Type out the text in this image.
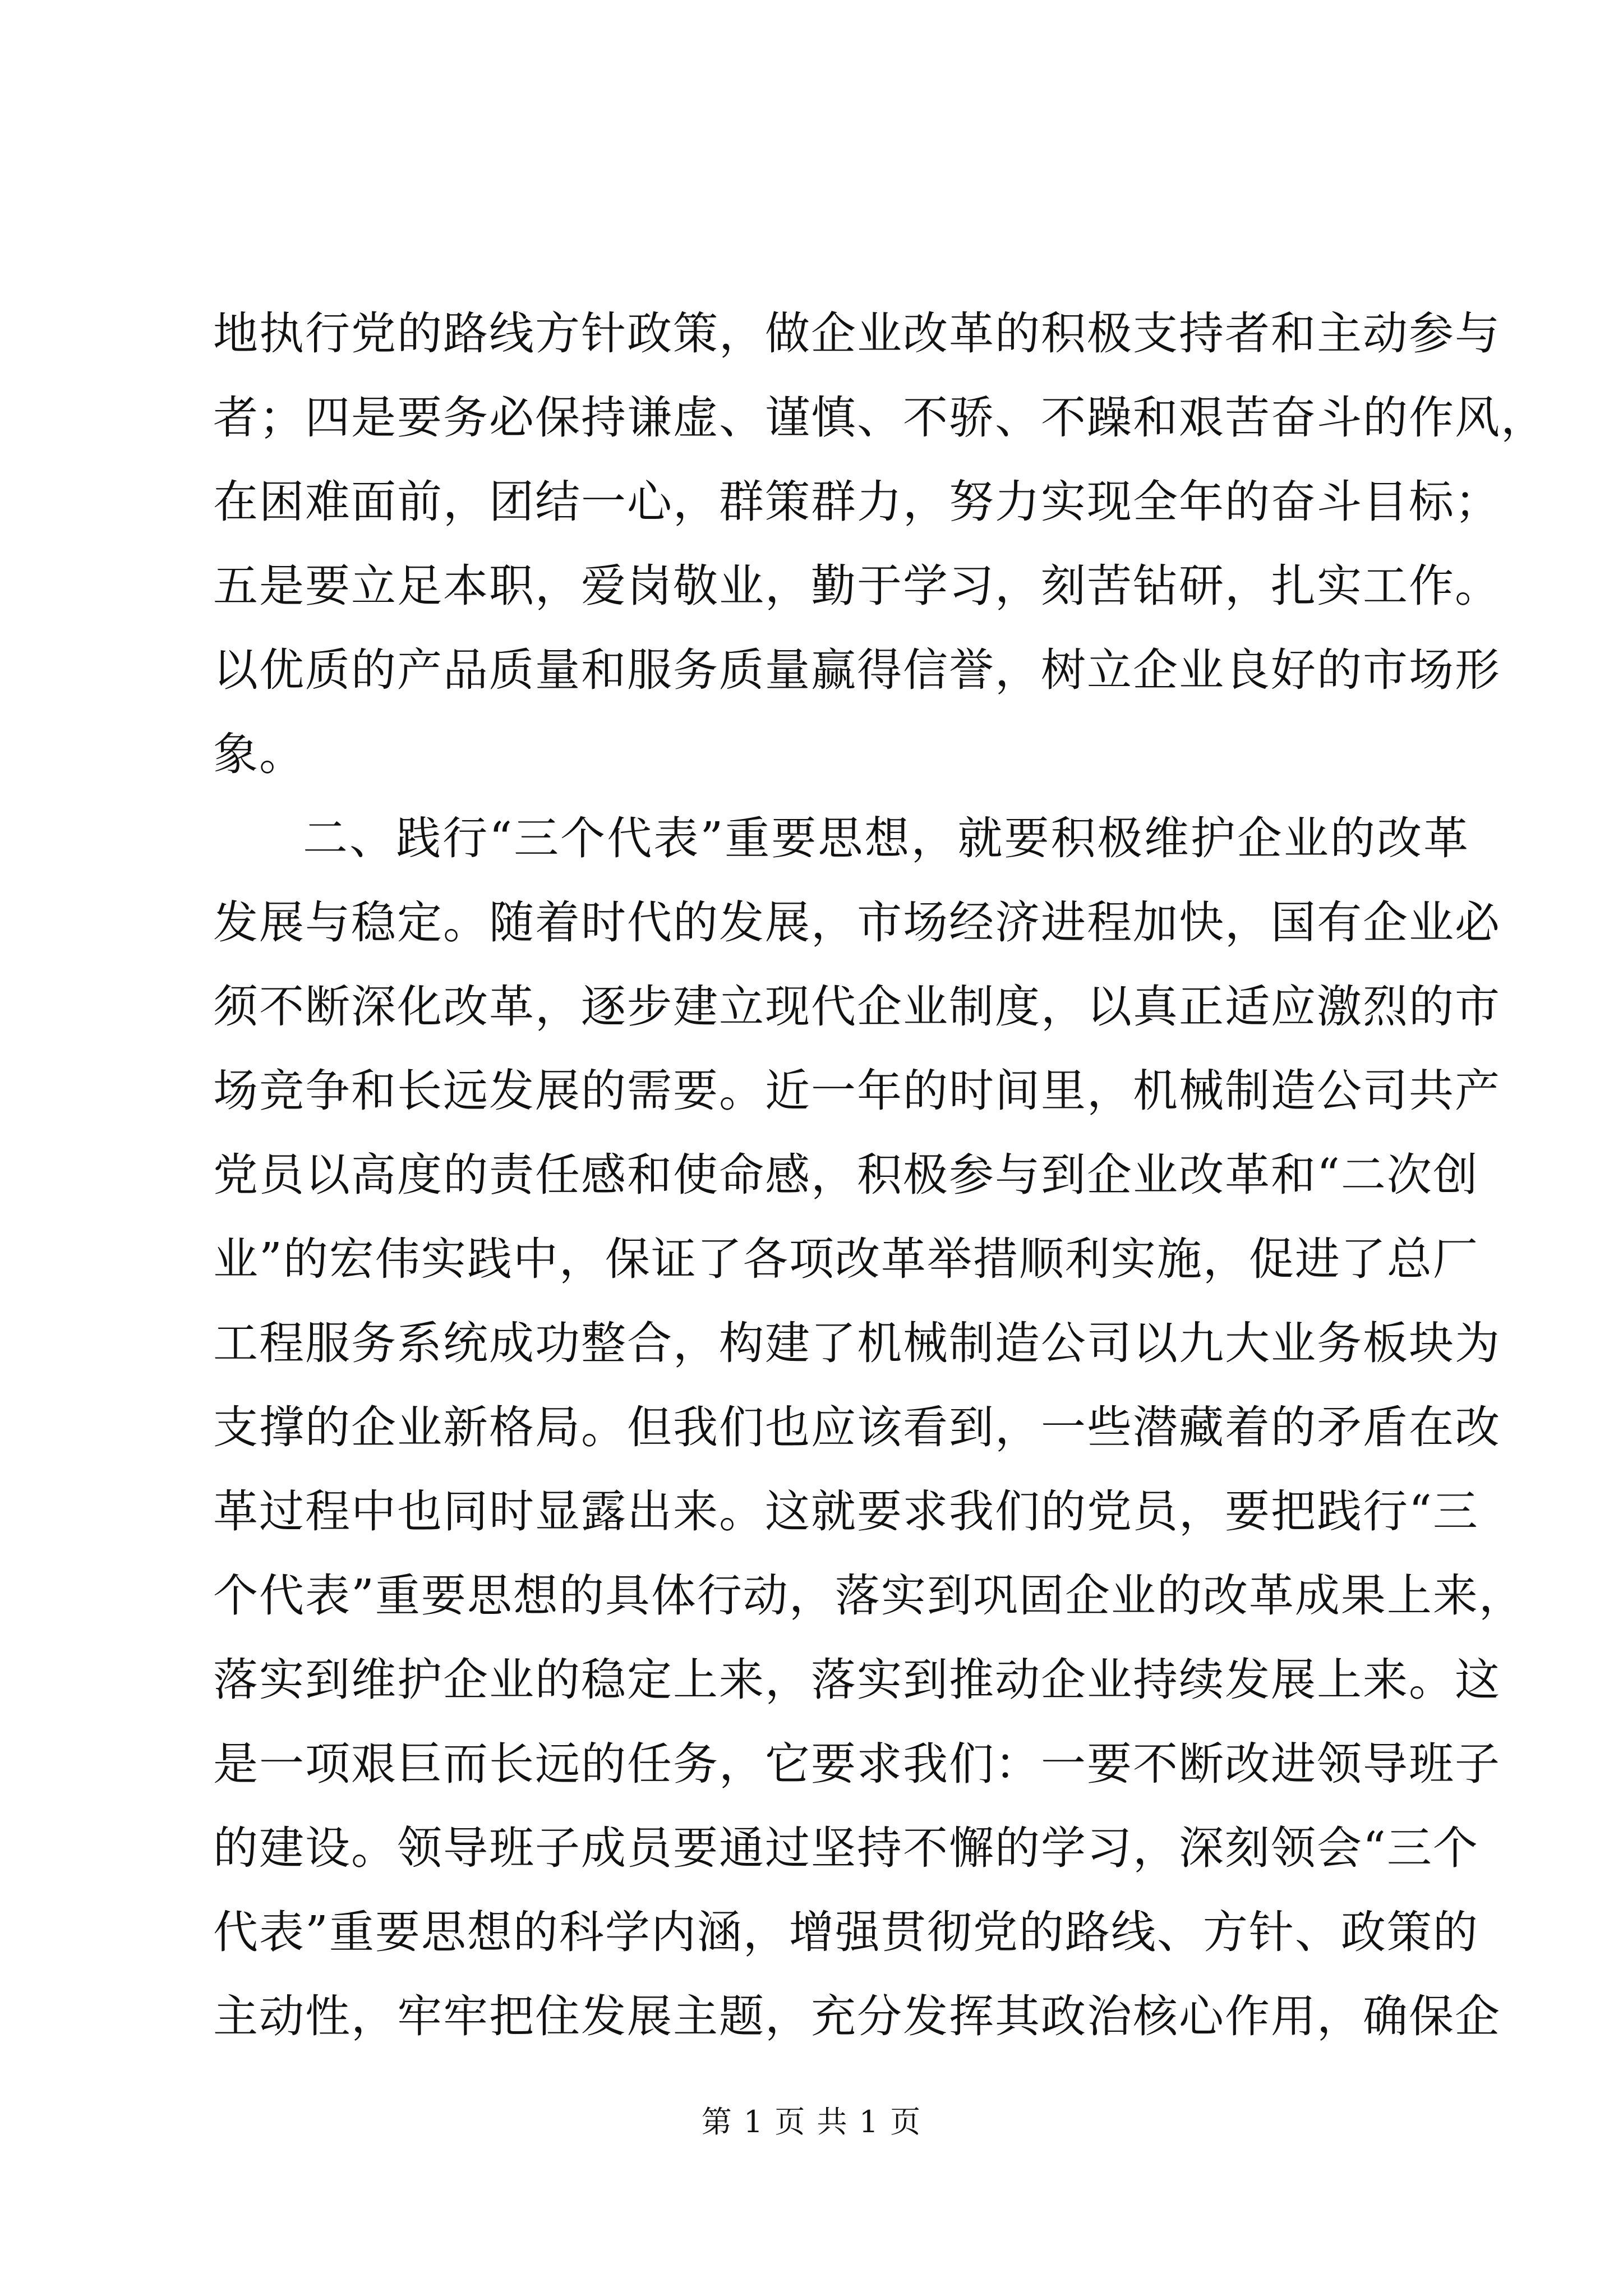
地执行党的路线方针政策，做企业改革的积极支持者和主动参与
者；四是要务必保持谦虚、谨慎、不骄、不躁和艰苦奋斗的作风，
在困难面前，团结一心，群策群力，努力实现全年的奋斗目标；
五是要立足本职，爱岗敬业，勤于学习，刻苦钻研，扎实工作。
以优质的产品质量和服务质量赢得信誉，树立企业良好的市场形
象。
二、践行“三个代表”重要思想，就要积极维护企业的改革
发展与稳定。随着时代的发展，市场经济进程加快，国有企业必
须不断深化改革，逐步建立现代企业制度，以真正适应激烈的市
场竞争和长远发展的需要。近一年的时间里，机械制造公司共产
党员以高度的责任感和使命感，积极参与到企业改革和“二次创
业”的宏伟实践中，保证了各项改革举措顺利实施，促进了总厂
工程服务系统成功整合，构建了机械制造公司以九大业务板块为
支撑的企业新格局。但我们也应该看到，一些潜藏着的矛盾在改
革过程中也同时显露出来。这就要求我们的党员，要把践行“三
个代表”重要思想的具体行动，落实到巩固企业的改革成果上来，
落实到维护企业的稳定上来，落实到推动企业持续发展上来。这
是一项艰巨而长远的任务，它要求我们：一要不断改进领导班子
的建设。领导班子成员要通过坚持不懈的学习，深刻领会“三个
代表”重要思想的科学内涵，增强贯彻党的路线、方针、政策的
主动性，牢牢把住发展主题，充分发挥其政治核心作用，确保企
第 1 页 共 1 页
